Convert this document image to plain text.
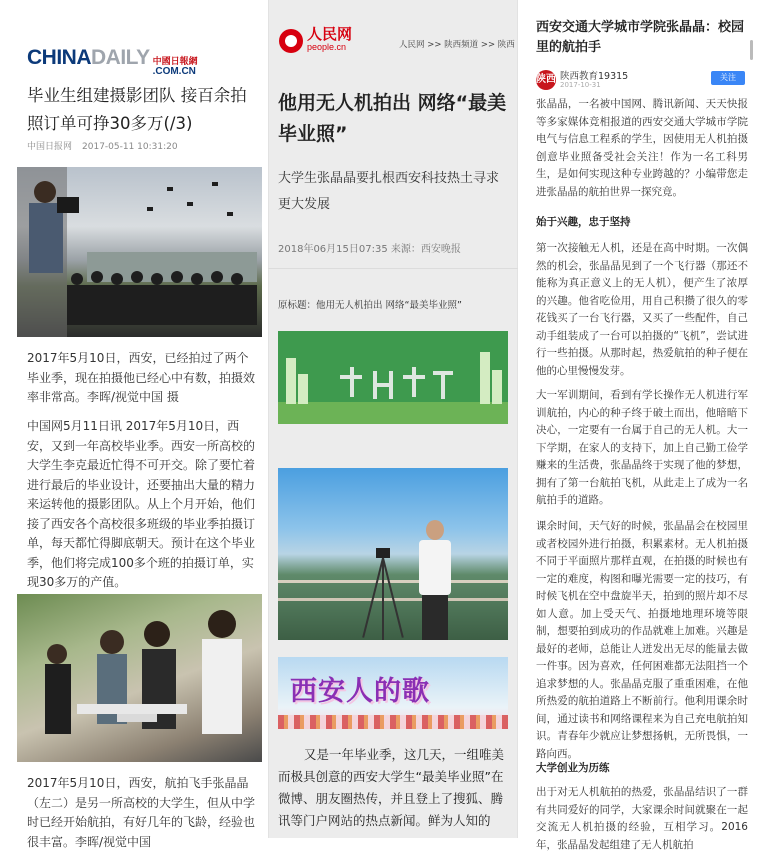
CHINA DAILY 中國日報網
.COM.CN
毕业生组建摄影团队 接百余拍照订单可挣30多万(/3)
中国日报网 2017-05-11 10:31:20
2017年5月10日，西安，已经拍过了两个毕业季，现在拍摄他已经心中有数，拍摄效率非常高。李晖/视觉中国 摄
中国网5月11日讯 2017年5月10日，西安，又到一年高校毕业季。西安一所高校的大学生李克最近忙得不可开交。除了要忙着进行最后的毕业设计，还要抽出大量的精力来运转他的摄影团队。从上个月开始，他们接了西安各个高校很多班级的毕业季拍摄订单，每天都忙得脚底朝天。预计在这个毕业季，他们将完成100多个班的拍摄订单，实现30多万的产值。
2017年5月10日，西安，航拍飞手张晶晶（左二）是另一所高校的大学生，但从中学时已经开始航拍，有好几年的飞龄，经验也很丰富。李晖/视觉中国
人民网
people.cn	人民网 >> 陕西频道 >> 陕西
他用无人机拍出 网络“最美毕业照”
大学生张晶晶要扎根西安科技热土寻求更大发展
2018年06月15日07:35 来源：西安晚报
原标题：他用无人机拍出 网络“最美毕业照”
西安人的歌
又是一年毕业季，这几天，一组唯美而极具创意的西安大学生“最美毕业照”在微博、朋友圈热传，并且登上了搜狐、腾讯等门户网站的热点新闻。鲜为人知的
西安交通大学城市学院张晶晶：校园里的航拍手
陕西 陕西教育19315
2017-10-31
关注
张晶晶，一名被中国网、腾讯新闻、天天快报等多家媒体竞相报道的西安交通大学城市学院电气与信息工程系的学生，因使用无人机拍摄创意毕业照备受社会关注！作为一名工科男生，是如何实现这种专业跨越的？小编带您走进张晶晶的航拍世界一探究竟。
始于兴趣，忠于坚持
第一次接触无人机，还是在高中时期。一次偶然的机会，张晶晶见到了一个飞行器（那还不能称为真正意义上的无人机），便产生了浓厚的兴趣。他省吃俭用，用自己积攒了很久的零花钱买了一台飞行器，又买了一些配件，自己动手组装成了一台可以拍摄的“飞机”，尝试进行一些拍摄。从那时起，热爱航拍的种子便在他的心里慢慢发芽。
大一军训期间，看到有学长操作无人机进行军训航拍，内心的种子终于破土而出，他暗暗下决心，一定要有一台属于自己的无人机。大一下学期，在家人的支持下，加上自己勤工俭学赚来的生活费，张晶晶终于实现了他的梦想，拥有了第一台航拍飞机，从此走上了成为一名航拍手的道路。
课余时间，天气好的时候，张晶晶会在校园里或者校园外进行拍摄，积累素材。无人机拍摄不同于平面照片那样直观，在拍摄的时候也有一定的难度，构图和曝光需要一定的技巧，有时候飞机在空中盘旋半天，拍到的照片却不尽如人意。加上受天气、拍摄地地理环境等限制，想要拍到成功的作品就难上加难。兴趣是最好的老师，总能让人迸发出无尽的能量去做一件事。因为喜欢，任何困难都无法阻挡一个追求梦想的人。张晶晶克服了重重困难，在他所热爱的航拍道路上不断前行。他利用课余时间，通过读书和网络课程来为自己充电航拍知识。青春年少就应让梦想扬帆，无所畏惧，一路向西。
大学创业为历练
出于对无人机航拍的热爱，张晶晶结识了一群有共同爱好的同学，大家课余时间就聚在一起交流无人机拍摄的经验，互相学习。2016年，张晶晶发起组建了无人机航拍
